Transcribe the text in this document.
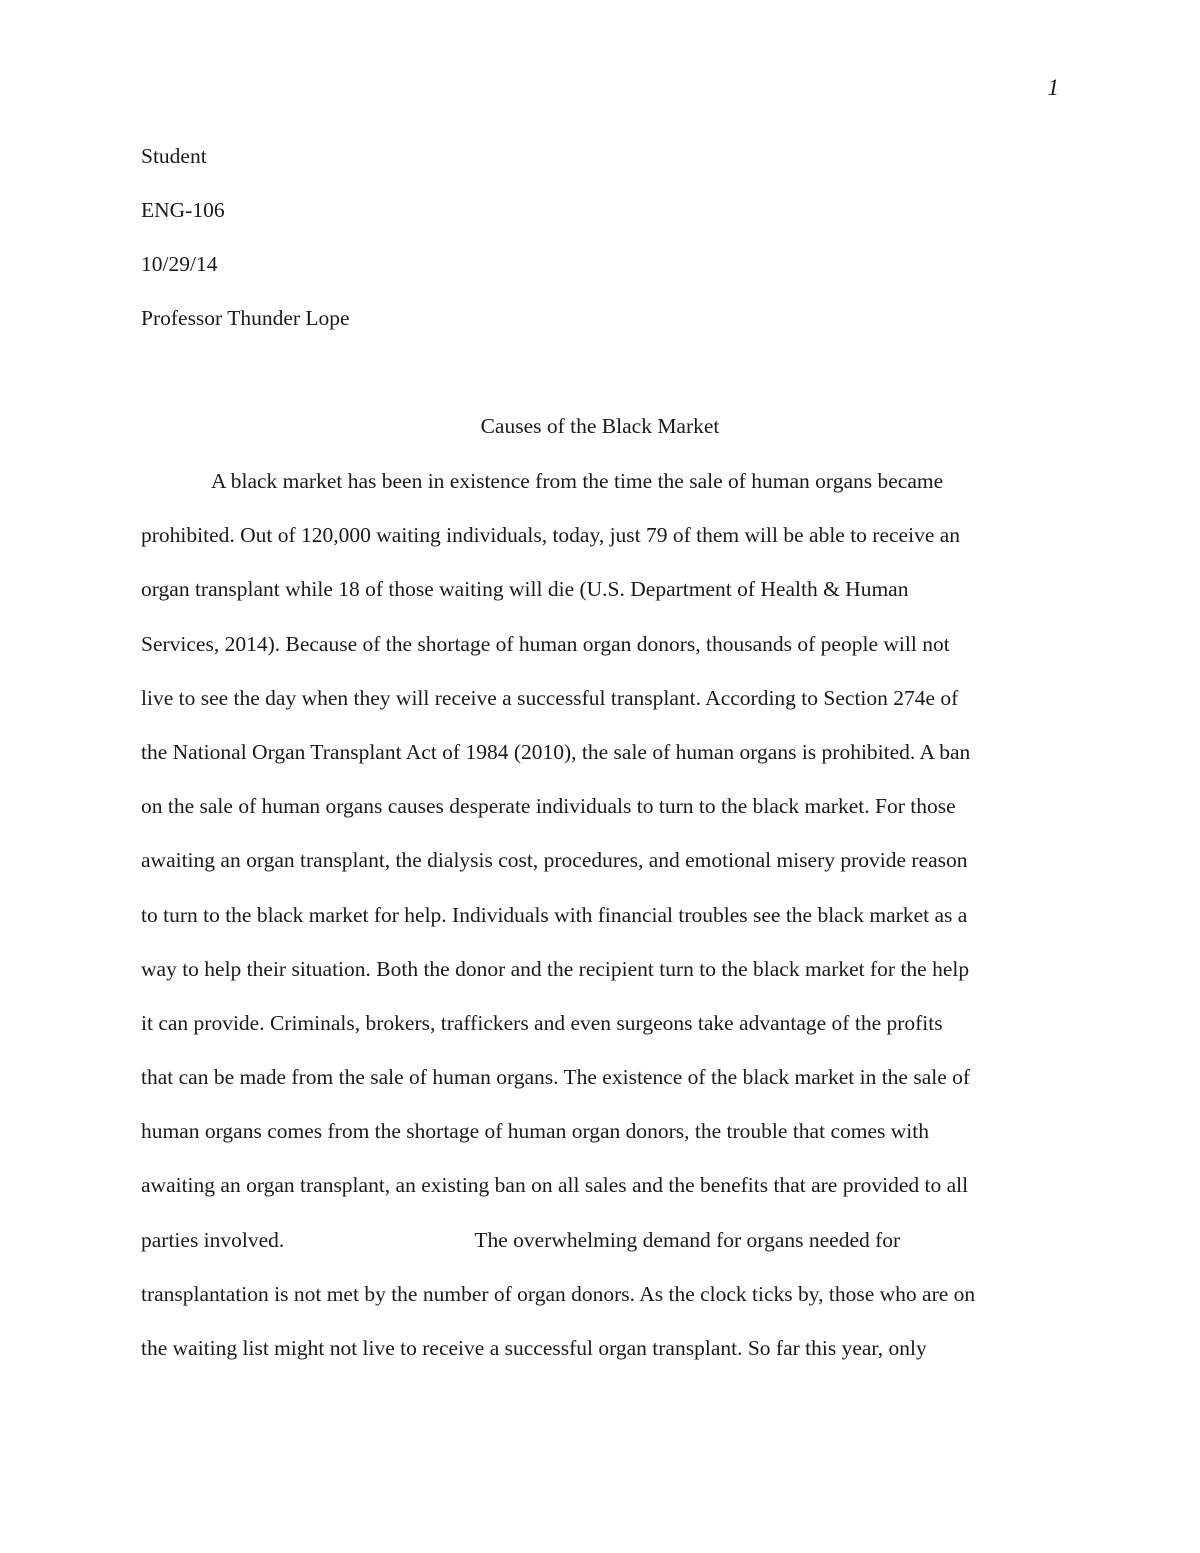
1
Student
ENG-106
10/29/14
Professor Thunder Lope
Causes of the Black Market
A black market has been in existence from the time the sale of human organs became
prohibited. Out of 120,000 waiting individuals, today, just 79 of them will be able to receive an
organ transplant while 18 of those waiting will die (U.S. Department of Health & Human
Services, 2014). Because of the shortage of human organ donors, thousands of people will not
live to see the day when they will receive a successful transplant. According to Section 274e of
the National Organ Transplant Act of 1984 (2010), the sale of human organs is prohibited. A ban
on the sale of human organs causes desperate individuals to turn to the black market. For those
awaiting an organ transplant, the dialysis cost, procedures, and emotional misery provide reason
to turn to the black market for help. Individuals with financial troubles see the black market as a
way to help their situation. Both the donor and the recipient turn to the black market for the help
it can provide. Criminals, brokers, traffickers and even surgeons take advantage of the profits
that can be made from the sale of human organs. The existence of the black market in the sale of
human organs comes from the shortage of human organ donors, the trouble that comes with
awaiting an organ transplant, an existing ban on all sales and the benefits that are provided to all
parties involved.	The overwhelming demand for organs needed for
transplantation is not met by the number of organ donors. As the clock ticks by, those who are on
the waiting list might not live to receive a successful organ transplant. So far this year, only
